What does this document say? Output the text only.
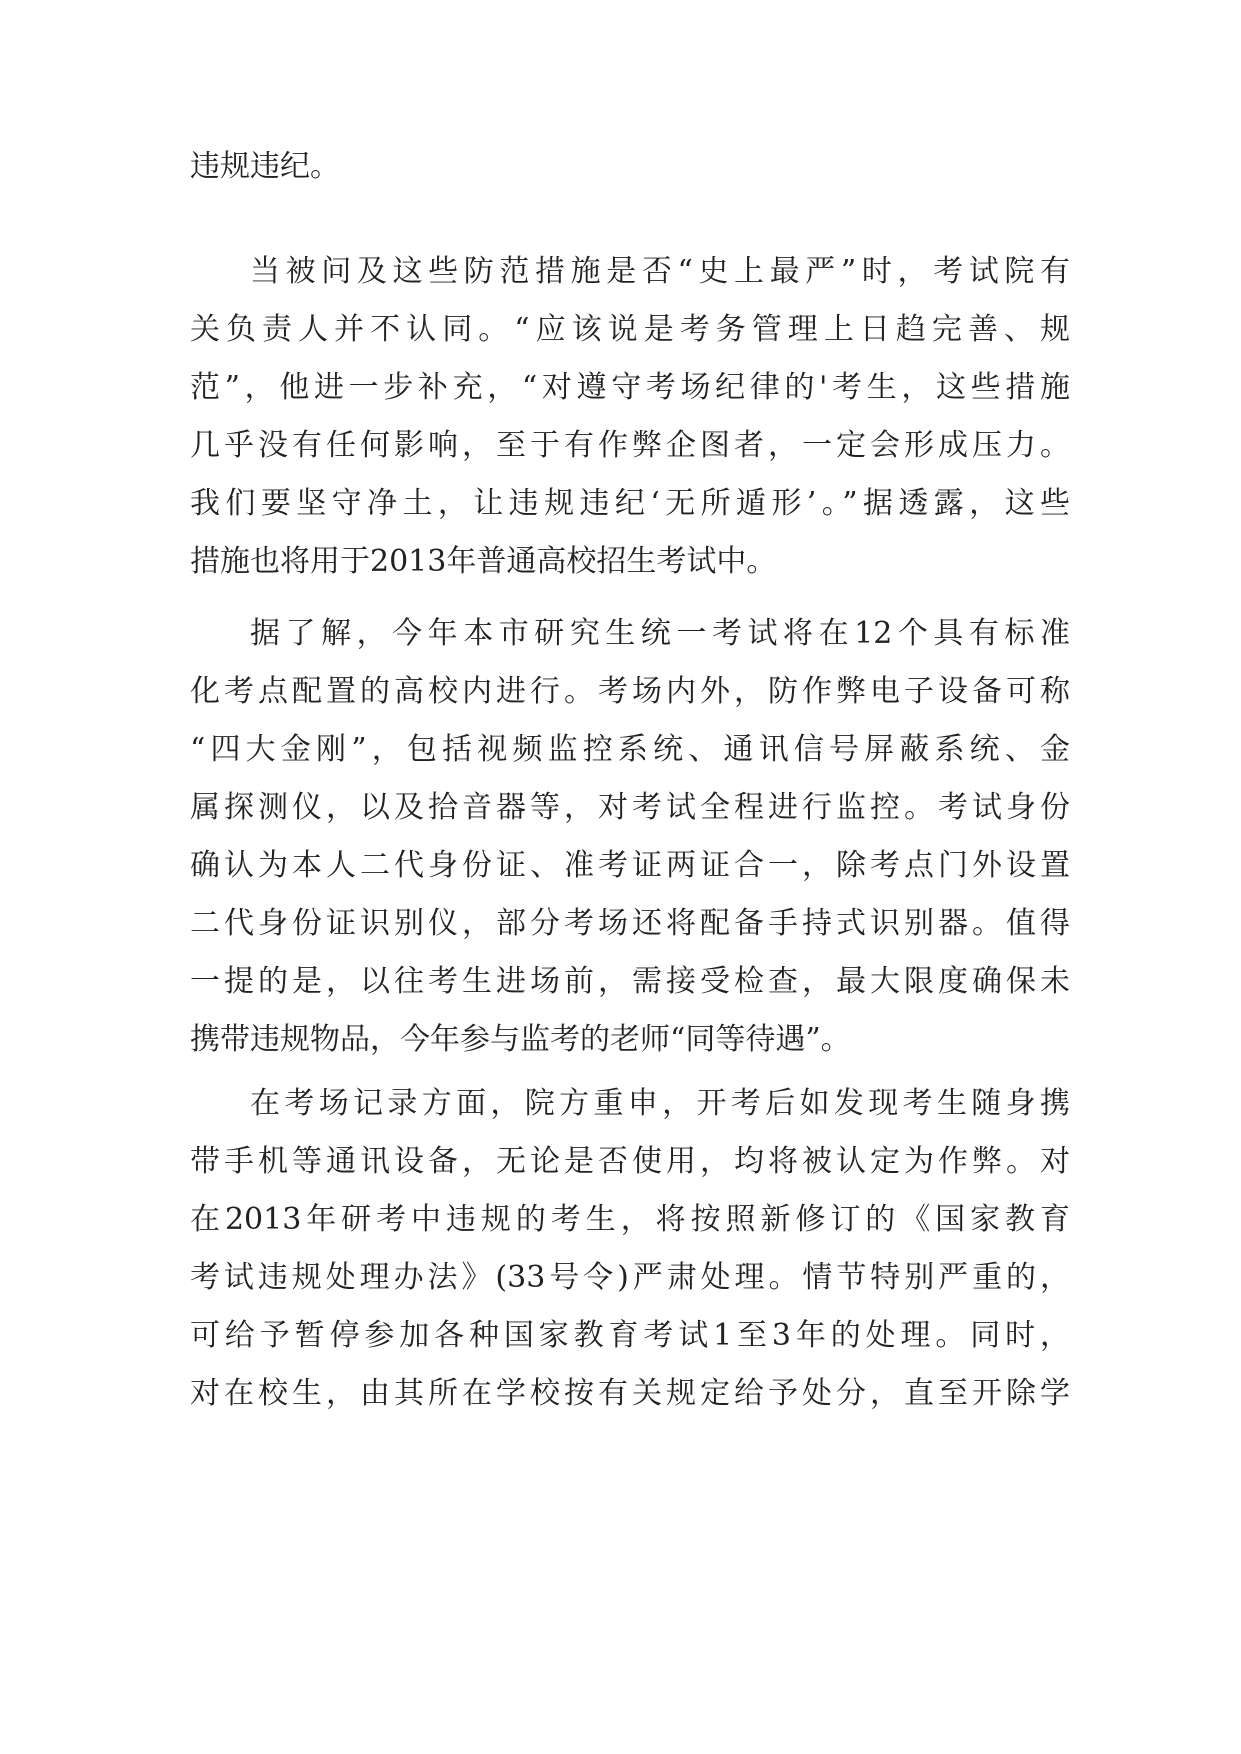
违规违纪。
当被问及这些防范措施是否“史上最严”时，考试院有
关负责人并不认同。“应该说是考务管理上日趋完善、规
范”，他进一步补充，“对遵守考场纪律的'考生，这些措施
几乎没有任何影响，至于有作弊企图者，一定会形成压力。
我们要坚守净土，让违规违纪‘无所遁形’。”据透露，这些
措施也将用于2013年普通高校招生考试中。
据了解，今年本市研究生统一考试将在12个具有标准
化考点配置的高校内进行。考场内外，防作弊电子设备可称
“四大金刚”，包括视频监控系统、通讯信号屏蔽系统、金
属探测仪，以及拾音器等，对考试全程进行监控。考试身份
确认为本人二代身份证、准考证两证合一，除考点门外设置
二代身份证识别仪，部分考场还将配备手持式识别器。值得
一提的是，以往考生进场前，需接受检查，最大限度确保未
携带违规物品，今年参与监考的老师“同等待遇”。
在考场记录方面，院方重申，开考后如发现考生随身携
带手机等通讯设备，无论是否使用，均将被认定为作弊。对
在2013年研考中违规的考生，将按照新修订的《国家教育
考试违规处理办法》(33号令)严肃处理。情节特别严重的，
可给予暂停参加各种国家教育考试1至3年的处理。同时，
对在校生，由其所在学校按有关规定给予处分，直至开除学
